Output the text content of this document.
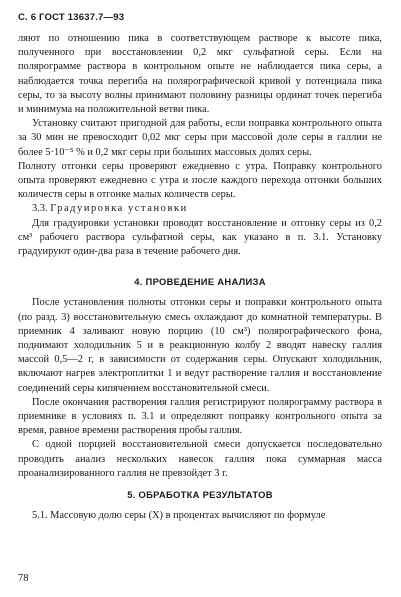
С. 6 ГОСТ 13637.7—93

ляют по отношению пика в соответствующем растворе к высоте пика, полученного при восстановлении 0,2 мкг сульфатной серы. Если на полярограмме раствора в контрольном опыте не наблюдается пика серы, а наблюдается точка перегиба на полярографической кривой у потенциала пика серы, то за высоту волны принимают половину разницы ординат точек перегиба и минимума на положительной ветви пика.

Установку считают пригодной для работы, если поправка контрольного опыта за 30 мин не превосходит 0,02 мкг серы при массовой доле серы в галлии не более 5·10⁻⁵ % и 0,2 мкг серы при больших массовых долях серы.

Полноту отгонки серы проверяют ежедневно с утра. Поправку контрольного опыта проверяют ежедневно с утра и после каждого перехода отгонки больших количеств серы в отгонке малых количеств серы.

3.3. Градуировка установки

Для градуировки установки проводят восстановление и отгонку серы из 0,2 см³ рабочего раствора сульфатной серы, как указано в п. 3.1. Установку градуируют один-два раза в течение рабочего дня.

4. ПРОВЕДЕНИЕ АНАЛИЗА

После установления полноты отгонки серы и поправки контрольного опыта (по разд. 3) восстановительную смесь охлаждают до комнатной температуры. В приемник 4 заливают новую порцию (10 см³) полярографического фона, поднимают холодильник 5 и в реакционную колбу 2 вводят навеску галлия массой 0,5—2 г, в зависимости от содержания серы. Опускают холодильник, включают нагрев электроплитки 1 и ведут растворение галлия и восстановление соединений серы кипячением восстановительной смеси.

После окончания растворения галлия регистрируют полярограмму раствора в приемнике в условиях п. 3.1 и определяют поправку контрольного опыта за время, равное времени растворения пробы галлия.

С одной порцией восстановительной смеси допускается последовательно проводить анализ нескольких навесок галлия пока суммарная масса проанализированного галлия не превзойдет 3 г.

5. ОБРАБОТКА РЕЗУЛЬТАТОВ

5.1. Массовую долю серы (X) в процентах вычисляют по формуле

78
